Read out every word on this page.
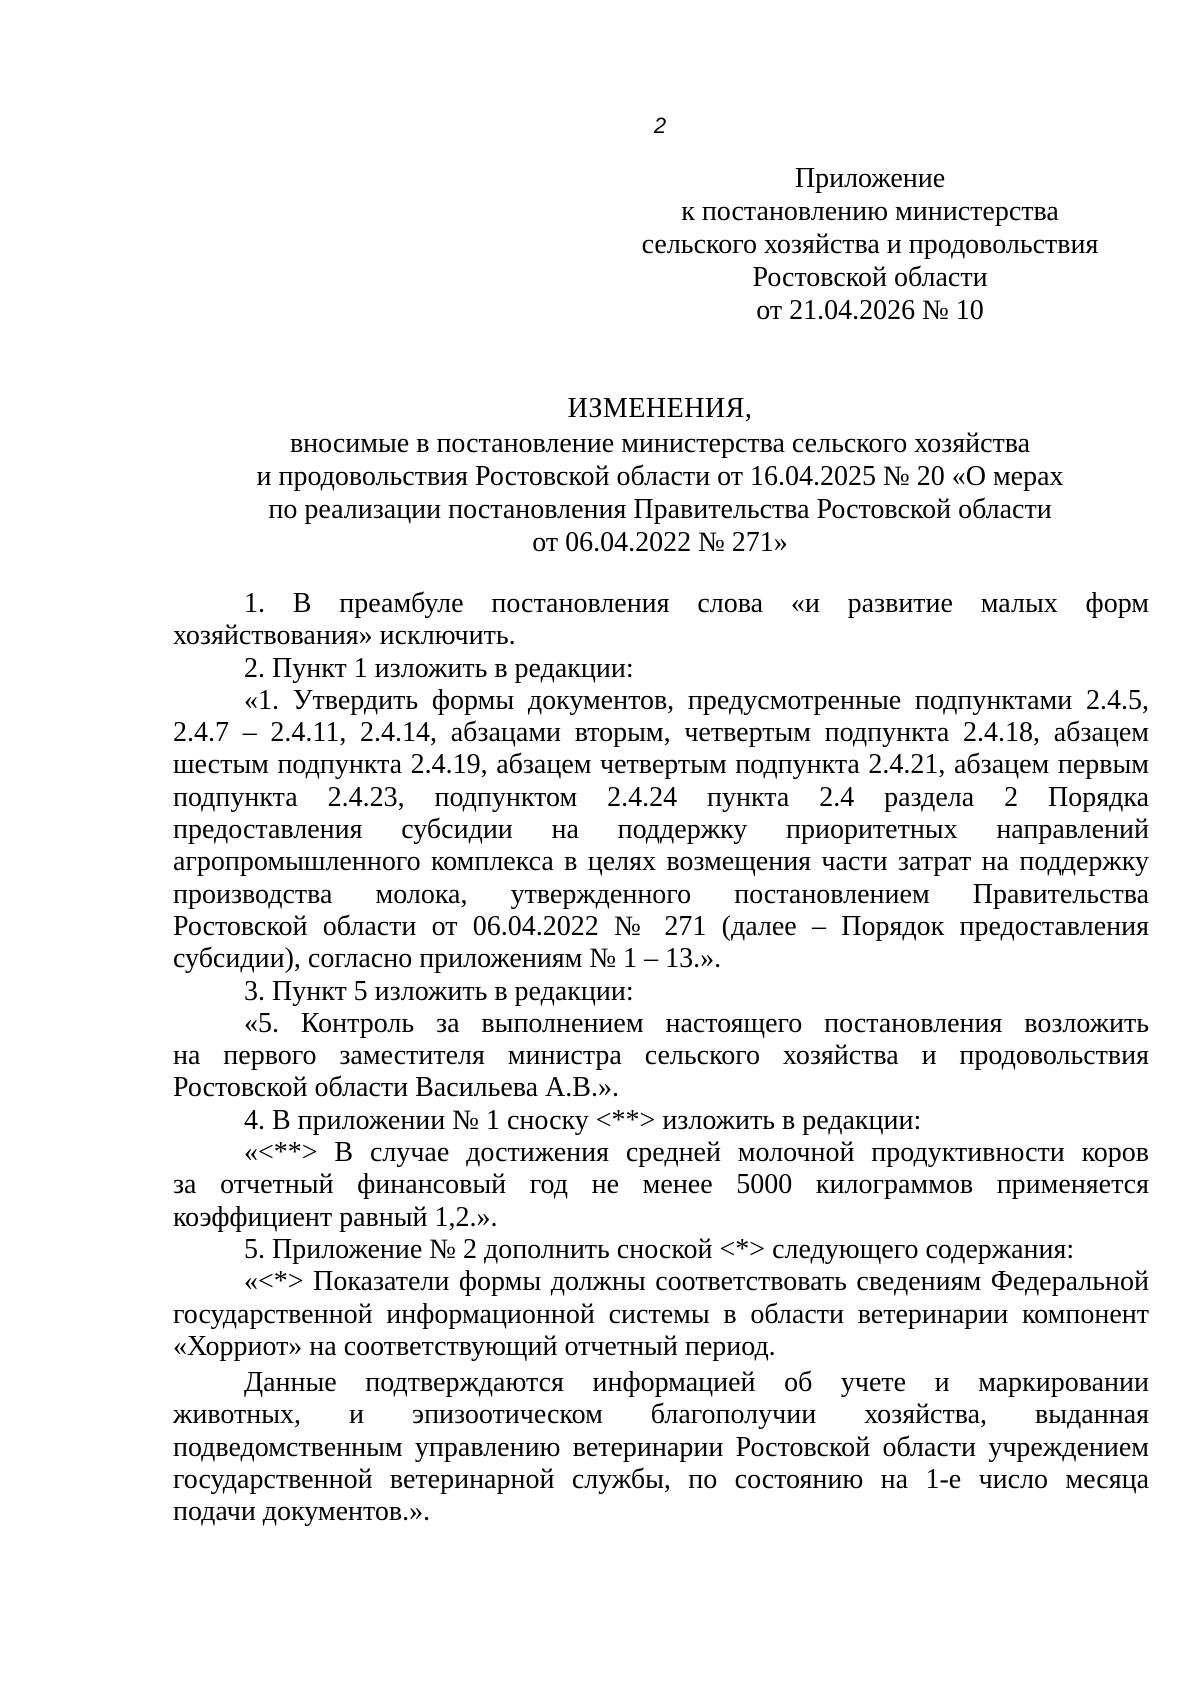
2
Приложение
к постановлению министерства
сельского хозяйства и продовольствия
Ростовской области
от 21.04.2026 № 10
ИЗМЕНЕНИЯ,
вносимые в постановление министерства сельского хозяйства
и продовольствия Ростовской области от 16.04.2025 № 20 «О мерах
по реализации постановления Правительства Ростовской области
от 06.04.2022 № 271»
1. В преамбуле постановления слова «и развитие малых форм
хозяйствования» исключить.
2. Пункт 1 изложить в редакции:
«1. Утвердить формы документов, предусмотренные подпунктами 2.4.5,
2.4.7 – 2.4.11, 2.4.14, абзацами вторым, четвертым подпункта 2.4.18, абзацем
шестым подпункта 2.4.19, абзацем четвертым подпункта 2.4.21, абзацем первым
подпункта 2.4.23, подпунктом 2.4.24 пункта 2.4 раздела 2 Порядка
предоставления субсидии на поддержку приоритетных направлений
агропромышленного комплекса в целях возмещения части затрат на поддержку
производства молока, утвержденного постановлением Правительства
Ростовской области от 06.04.2022 № 271 (далее – Порядок предоставления
субсидии), согласно приложениям № 1 – 13.».
3. Пункт 5 изложить в редакции:
«5. Контроль за выполнением настоящего постановления возложить
на первого заместителя министра сельского хозяйства и продовольствия
Ростовской области Васильева А.В.».
4. В приложении № 1 сноску <**> изложить в редакции:
«<**> В случае достижения средней молочной продуктивности коров
за отчетный финансовый год не менее 5000 килограммов применяется
коэффициент равный 1,2.».
5. Приложение № 2 дополнить сноской <*> следующего содержания:
«<*> Показатели формы должны соответствовать сведениям Федеральной
государственной информационной системы в области ветеринарии компонент
«Хорриот» на соответствующий отчетный период.
Данные подтверждаются информацией об учете и маркировании
животных, и эпизоотическом благополучии хозяйства, выданная
подведомственным управлению ветеринарии Ростовской области учреждением
государственной ветеринарной службы, по состоянию на 1-е число месяца
подачи документов.».
